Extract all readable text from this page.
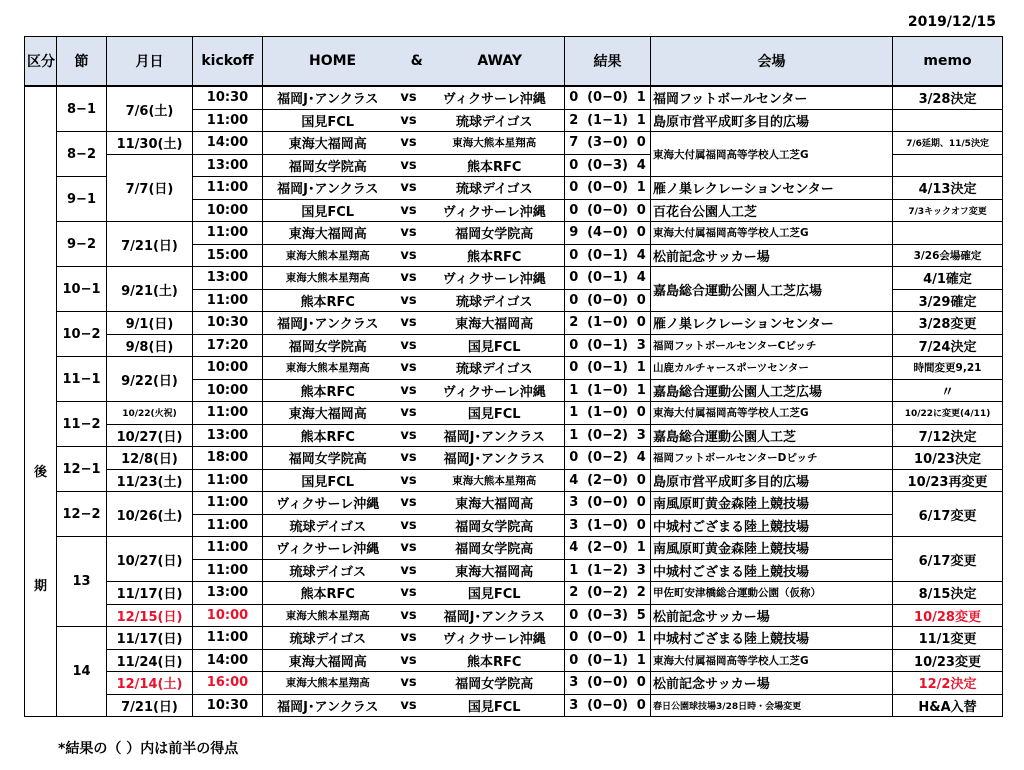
2019/12/15
区分	節	月日	kickoff	HOME & AWAY			結果			会場	memo

後

期	8−1	7/6(土)	10:30	福岡J･アンクラス	vs	ヴィクサーレ沖縄	0	(0−0)	1	福岡フットボールセンター	3/28決定
			11:00	国見FCL	vs	琉球デイゴス	2	(1−1)	1	島原市営平成町多目的広場	
	8−2	11/30(土)	14:00	東海大福岡高	vs	東海大熊本星翔高	7	(3−0)	0	東海大付属福岡高等学校人工芝G	7/6延期、11/5決定
		7/7(日)	13:00	福岡女学院高	vs	熊本RFC	0	(0−3)	4		
	9−1		11:00	福岡J･アンクラス	vs	琉球デイゴス	0	(0−0)	1	雁ノ巣レクレーションセンター	4/13決定
			10:00	国見FCL	vs	ヴィクサーレ沖縄	0	(0−0)	0	百花台公園人工芝	7/3キックオフ変更
	9−2	7/21(日)	11:00	東海大福岡高	vs	福岡女学院高	9	(4−0)	0	東海大付属福岡高等学校人工芝G	
			15:00	東海大熊本星翔高	vs	熊本RFC	0	(0−1)	4	松前記念サッカー場	3/26会場確定
	10−1	9/21(土)	13:00	東海大熊本星翔高	vs	ヴィクサーレ沖縄	0	(0−1)	4	嘉島総合運動公園人工芝広場	4/1確定
			11:00	熊本RFC	vs	琉球デイゴス	0	(0−0)	0		3/29確定
	10−2	9/1(日)	10:30	福岡J･アンクラス	vs	東海大福岡高	2	(1−0)	0	雁ノ巣レクレーションセンター	3/28変更
		9/8(日)	17:20	福岡女学院高	vs	国見FCL	0	(0−1)	3	福岡フットボールセンターCピッチ	7/24決定
	11−1	9/22(日)	10:00	東海大熊本星翔高	vs	琉球デイゴス	0	(0−1)	1	山鹿カルチャースポーツセンター	時間変更9,21
			10:00	熊本RFC	vs	ヴィクサーレ沖縄	1	(1−0)	1	嘉島総合運動公園人工芝広場	〃
	11−2	10/22(火祝)	11:00	東海大福岡高	vs	国見FCL	1	(1−0)	0	東海大付属福岡高等学校人工芝G	10/22に変更(4/11)
		10/27(日)	13:00	熊本RFC	vs	福岡J･アンクラス	1	(0−2)	3	嘉島総合運動公園人工芝	7/12決定
	12−1	12/8(日)	18:00	福岡女学院高	vs	福岡J･アンクラス	0	(0−2)	4	福岡フットボールセンターDピッチ	10/23決定
		11/23(土)	11:00	国見FCL	vs	東海大熊本星翔高	4	(2−0)	0	島原市営平成町多目的広場	10/23再変更
	12−2	10/26(土)	11:00	ヴィクサーレ沖縄	vs	東海大福岡高	3	(0−0)	0	南風原町黄金森陸上競技場	6/17変更
			11:00	琉球デイゴス	vs	福岡女学院高	3	(1−0)	0	中城村ござまる陸上競技場	
	13	10/27(日)	11:00	ヴィクサーレ沖縄	vs	福岡女学院高	4	(2−0)	1	南風原町黄金森陸上競技場	6/17変更
			11:00	琉球デイゴス	vs	東海大福岡高	1	(1−2)	3	中城村ござまる陸上競技場	
		11/17(日)	13:00	熊本RFC	vs	国見FCL	2	(0−2)	2	甲佐町安津橋総合運動公園（仮称）	8/15決定
		12/15(日)	10:00	東海大熊本星翔高	vs	福岡J･アンクラス	0	(0−3)	5	松前記念サッカー場	10/28変更
	14	11/17(日)	11:00	琉球デイゴス	vs	ヴィクサーレ沖縄	0	(0−0)	1	中城村ござまる陸上競技場	11/1変更
		11/24(日)	14:00	東海大福岡高	vs	熊本RFC	0	(0−1)	1	東海大付属福岡高等学校人工芝G	10/23変更
		12/14(土)	16:00	東海大熊本星翔高	vs	福岡女学院高	3	(0−0)	0	松前記念サッカー場	12/2決定
		7/21(日)	10:30	福岡J･アンクラス	vs	国見FCL	3	(0−0)	0	春日公園球技場3/28日時・会場変更	H&A入替
*結果の（ ）内は前半の得点
